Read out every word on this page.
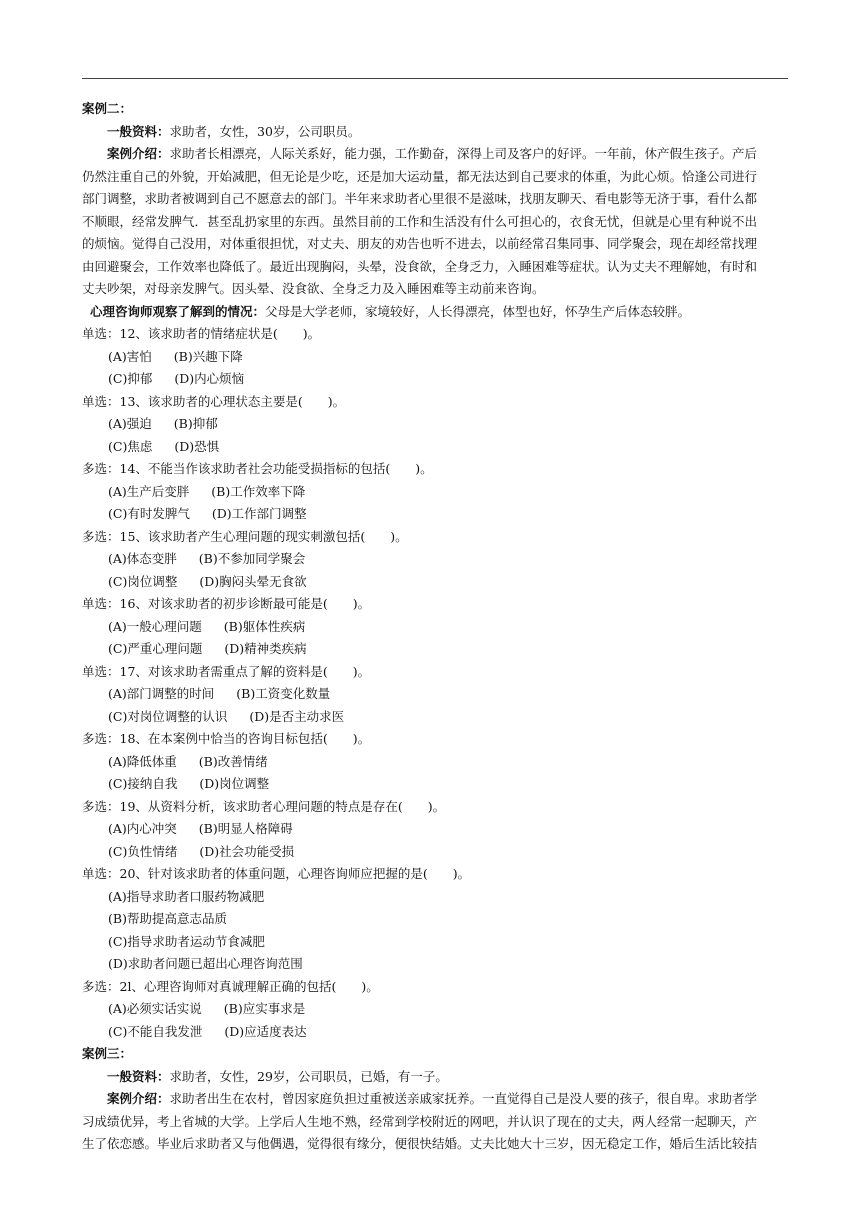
案例二：
一般资料：求助者，女性，30岁，公司职员。
案例介绍：求助者长相漂亮，人际关系好，能力强，工作勤奋，深得上司及客户的好评。一年前，休产假生孩子。产后
仍然注重自己的外貌，开始减肥，但无论是少吃，还是加大运动量，都无法达到自己要求的体重，为此心烦。恰逢公司进行
部门调整，求助者被调到自己不愿意去的部门。半年来求助者心里很不是滋味，找朋友聊天、看电影等无济于事，看什么都
不顺眼，经常发脾气．甚至乱扔家里的东西。虽然目前的工作和生活没有什么可担心的，衣食无忧，但就是心里有种说不出
的烦恼。觉得自己没用，对体重很担忧，对丈夫、朋友的劝告也听不进去，以前经常召集同事、同学聚会，现在却经常找理
由回避聚会，工作效率也降低了。最近出现胸闷，头晕，没食欲，全身乏力，入睡困难等症状。认为丈夫不理解她，有时和
丈夫吵架，对母亲发脾气。因头晕、没食欲、全身乏力及入睡困难等主动前来咨询。
心理咨询师观察了解到的情况：父母是大学老师，家境较好，人长得漂亮，体型也好，怀孕生产后体态较胖。
单选：12、该求助者的情绪症状是(　　)。
(A)害怕 (B)兴趣下降
(C)抑郁 (D)内心烦恼
单选：13、该求助者的心理状态主要是(　　)。
(A)强迫 (B)抑郁
(C)焦虑 (D)恐惧
多选：14、不能当作该求助者社会功能受损指标的包括(　　)。
(A)生产后变胖 (B)工作效率下降
(C)有时发脾气 (D)工作部门调整
多选：15、该求助者产生心理问题的现实刺激包括(　　)。
(A)体态变胖 (B)不参加同学聚会
(C)岗位调整 (D)胸闷头晕无食欲
单选：16、对该求助者的初步诊断最可能是(　　)。
(A)一般心理问题 (B)躯体性疾病
(C)严重心理问题 (D)精神类疾病
单选：17、对该求助者需重点了解的资料是(　　)。
(A)部门调整的时间 (B)工资变化数量
(C)对岗位调整的认识 (D)是否主动求医
多选：18、在本案例中恰当的咨询目标包括(　　)。
(A)降低体重 (B)改善情绪
(C)接纳自我 (D)岗位调整
多选：19、从资料分析，该求助者心理问题的特点是存在(　　)。
(A)内心冲突 (B)明显人格障碍
(C)负性情绪 (D)社会功能受损
单选：20、针对该求助者的体重问题，心理咨询师应把握的是(　　)。
(A)指导求助者口服药物减肥
(B)帮助提高意志品质
(C)指导求助者运动节食减肥
(D)求助者问题已超出心理咨询范围
多选：2l、心理咨询师对真诚理解正确的包括(　　)。
(A)必须实话实说 (B)应实事求是
(C)不能自我发泄 (D)应适度表达
案例三：
一般资料：求助者，女性，29岁，公司职员，已婚，有一子。
案例介绍：求助者出生在农村，曾因家庭负担过重被送亲戚家抚养。一直觉得自己是没人要的孩子，很自卑。求助者学
习成绩优异，考上省城的大学。上学后人生地不熟，经常到学校附近的网吧，并认识了现在的丈夫，两人经常一起聊天，产
生了依恋感。毕业后求助者又与他偶遇，觉得很有缘分，便很快结婚。丈夫比她大十三岁，因无稳定工作，婚后生活比较拮
